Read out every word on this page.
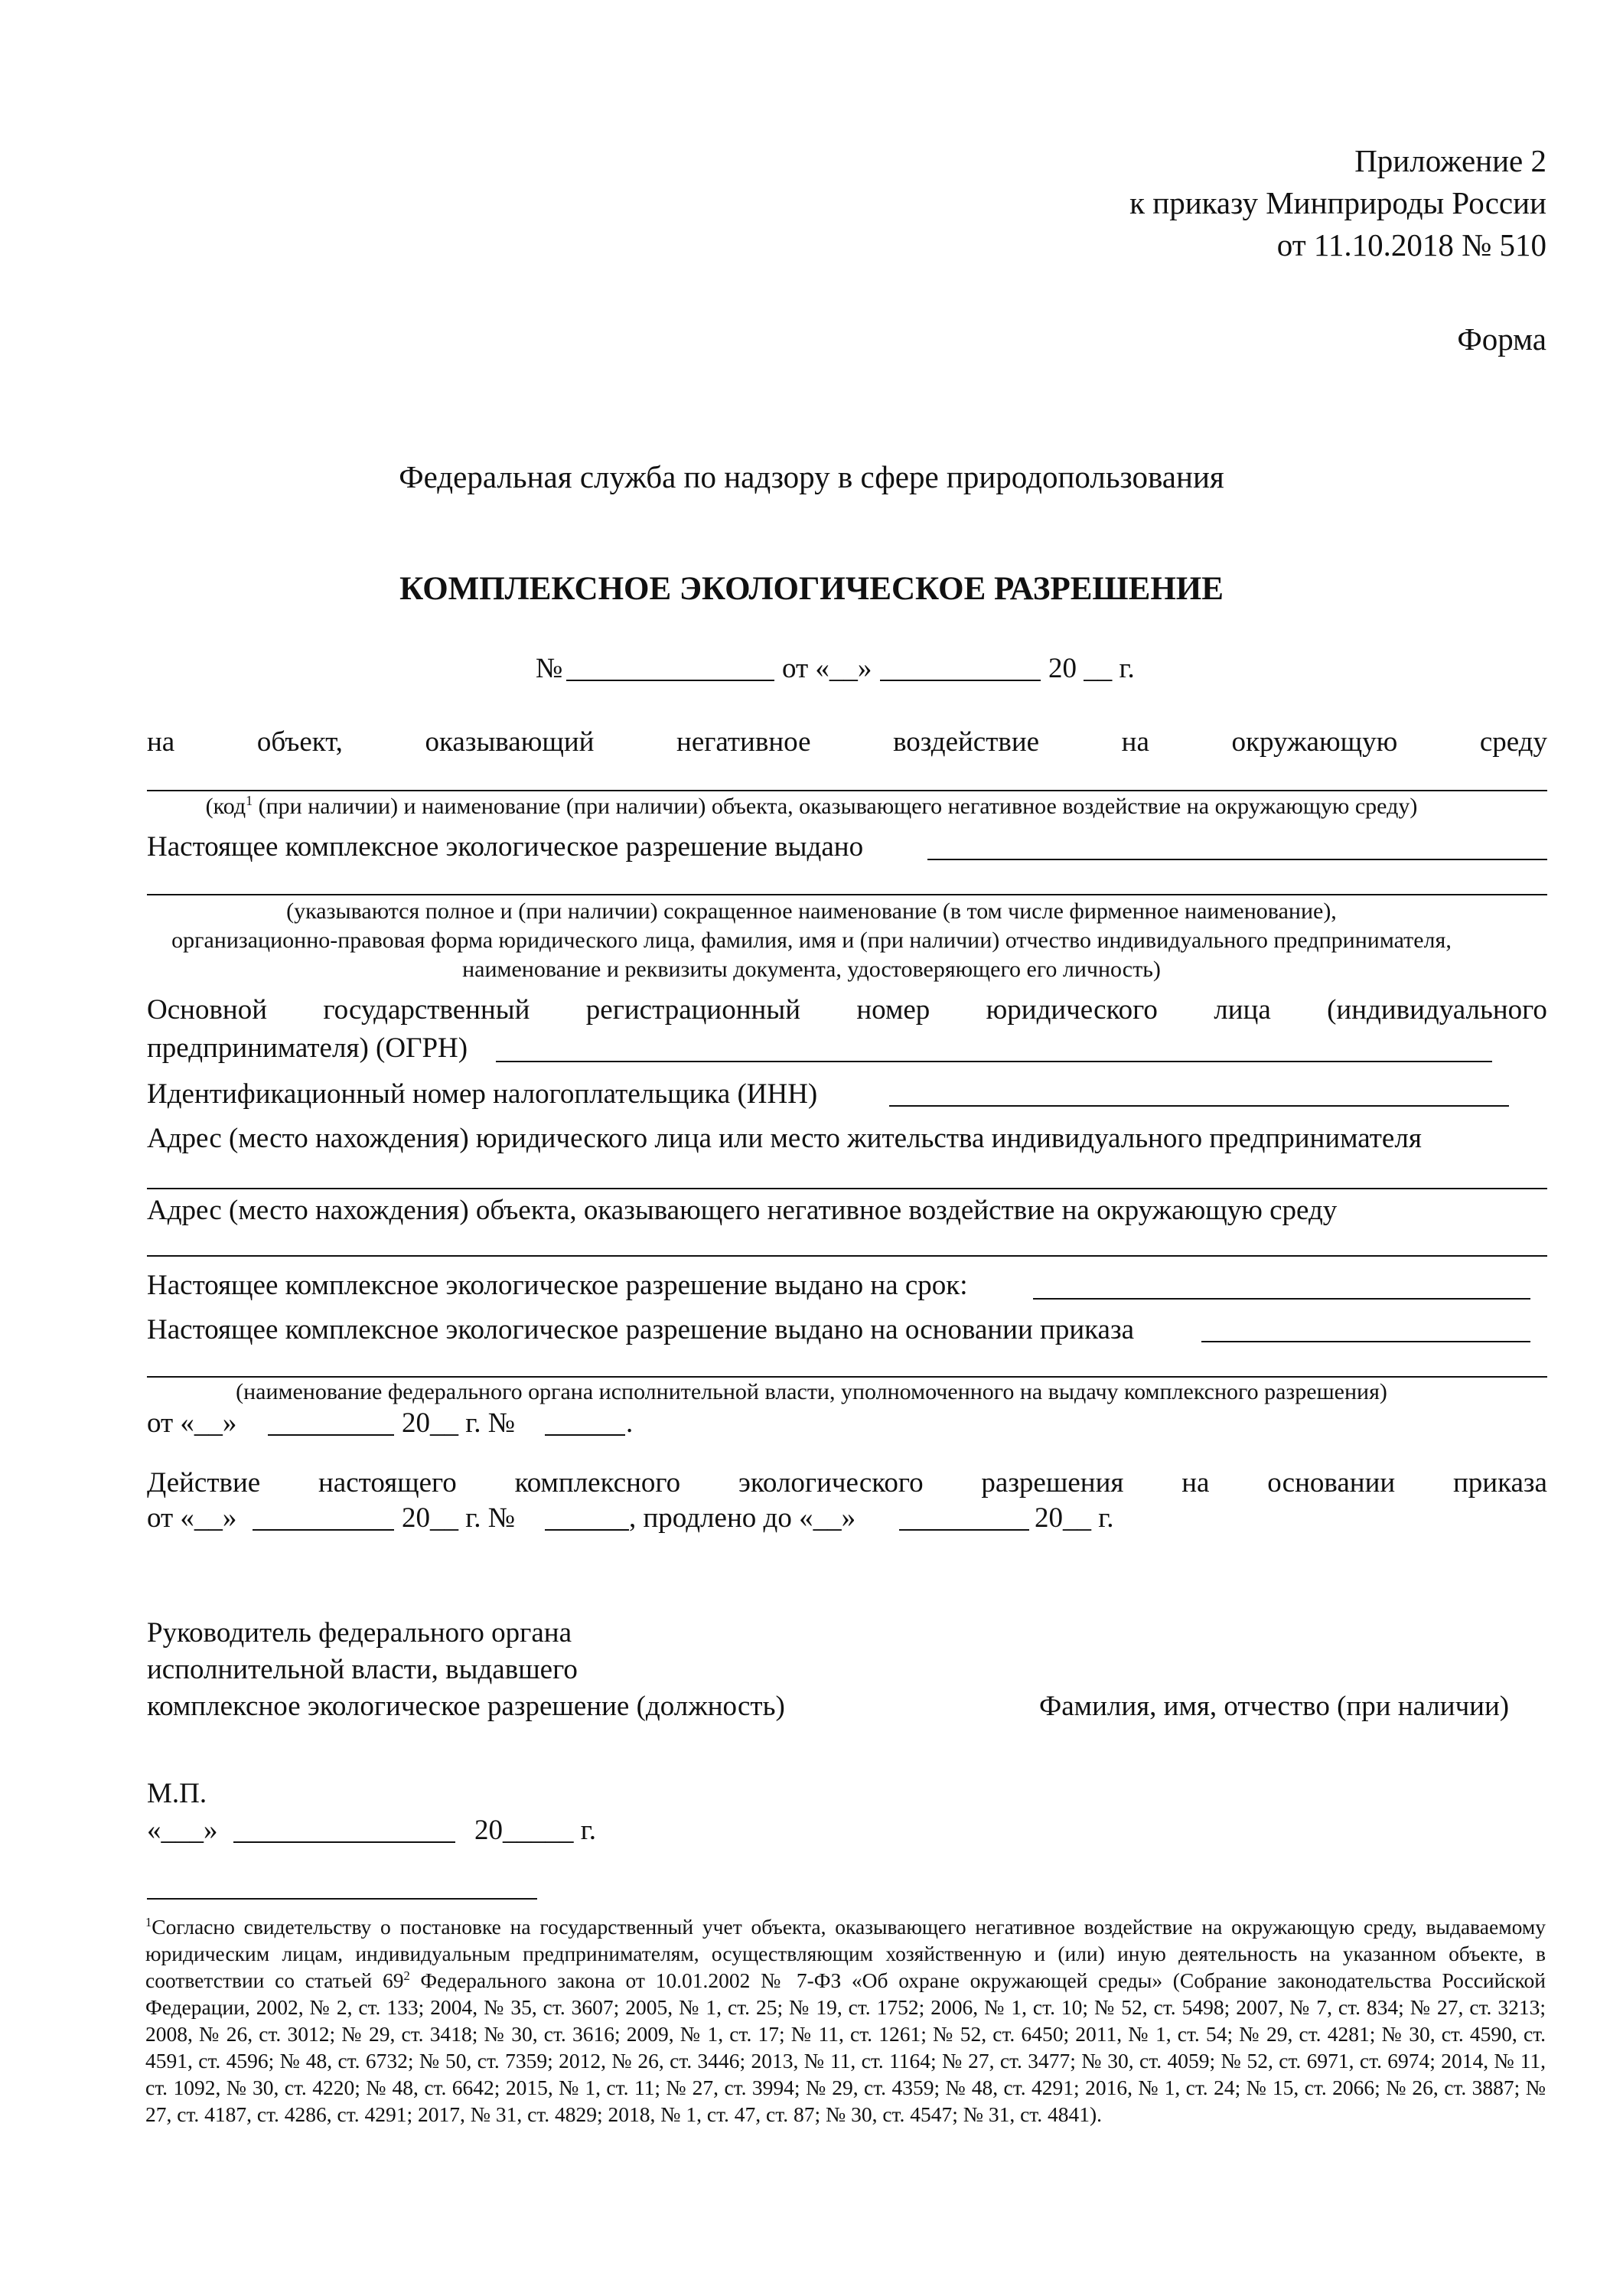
Приложение 2
к приказу Минприроды России
от 11.10.2018 № 510
Форма
Федеральная служба по надзору в сфере природопользования
КОМПЛЕКСНОЕ ЭКОЛОГИЧЕСКОЕ РАЗРЕШЕНИЕ
№	от «__»	20 __ г.
на	объект,	оказывающий	негативное	воздействие	на	окружающую	среду
(код$^1$ (при наличии) и наименование (при наличии) объекта, оказывающего негативное воздействие на окружающую среду)
Настоящее комплексное экологическое разрешение выдано
(указываются полное и (при наличии) сокращенное наименование (в том числе фирменное наименование),
организационно-правовая форма юридического лица, фамилия, имя и (при наличии) отчество индивидуального предпринимателя,
наименование и реквизиты документа, удостоверяющего его личность)
Основной государственный регистрационный номер юридического лица (индивидуального
предпринимателя) (ОГРН)
Идентификационный номер налогоплательщика (ИНН)
Адрес (место нахождения) юридического лица или место жительства индивидуального предпринимателя
Адрес (место нахождения) объекта, оказывающего негативное воздействие на окружающую среду
Настоящее комплексное экологическое разрешение выдано на срок:
Настоящее комплексное экологическое разрешение выдано на основании приказа
(наименование федерального органа исполнительной власти, уполномоченного на выдачу комплексного разрешения)
от «__»	20__ г. №	.
Действие настоящего комплексного экологического разрешения на основании приказа
от «__»	20__ г. №	, продлено до «__»	20__ г.
Руководитель федерального органа
исполнительной власти, выдавшего
комплексное экологическое разрешение (должность)	Фамилия, имя, отчество (при наличии)
М.П.
«___»	20_____ г.
$^1$Согласно свидетельству о постановке на государственный учет объекта, оказывающего негативное воздействие на окружающую среду, выдаваемому юридическим лицам, индивидуальным предпринимателям, осуществляющим хозяйственную и (или) иную деятельность на указанном объекте, в соответствии со статьей $69^2$ Федерального закона от 10.01.2002 № 7-ФЗ «Об охране окружающей среды» (Собрание законодательства Российской Федерации, 2002, № 2, ст. 133; 2004, № 35, ст. 3607; 2005, № 1, ст. 25; № 19, ст. 1752; 2006, № 1, ст. 10; № 52, ст. 5498; 2007, № 7, ст. 834; № 27, ст. 3213; 2008, № 26, ст. 3012; № 29, ст. 3418; № 30, ст. 3616; 2009, № 1, ст. 17; № 11, ст. 1261; № 52, ст. 6450; 2011, № 1, ст. 54; № 29, ст. 4281; № 30, ст. 4590, ст. 4591, ст. 4596; № 48, ст. 6732; № 50, ст. 7359; 2012, № 26, ст. 3446; 2013, № 11, ст. 1164; № 27, ст. 3477; № 30, ст. 4059; № 52, ст. 6971, ст. 6974; 2014, № 11, ст. 1092, № 30, ст. 4220; № 48, ст. 6642; 2015, № 1, ст. 11; № 27, ст. 3994; № 29, ст. 4359; № 48, ст. 4291; 2016, № 1, ст. 24; № 15, ст. 2066; № 26, ст. 3887; № 27, ст. 4187, ст. 4286, ст. 4291; 2017, № 31, ст. 4829; 2018, № 1, ст. 47, ст. 87; № 30, ст. 4547; № 31, ст. 4841).
